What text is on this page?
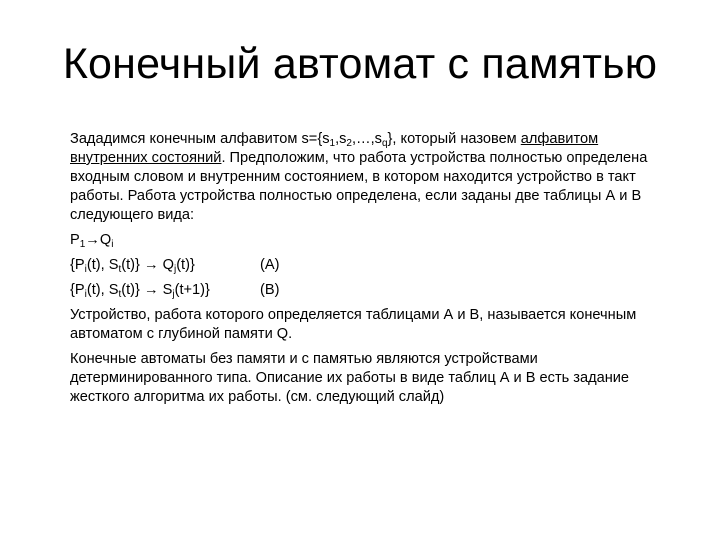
Конечный автомат с памятью

Зададимся конечным алфавитом $s=\{s_1,s_2,\dots,s_q\}$, который назовем алфавитом внутренних состояний. Предположим, что работа устройства полностью определена входным словом и внутренним состоянием, в котором находится устройство в такт работы. Работа устройства полностью определена, если заданы две таблицы А и В следующего вида:

$P_1\to Q_i$

{$P_i(t)$, $S_t(t)\} \to Q_j(t)$}	(А)
{$P_i(t)$, $S_t(t)\} \to S_j(t+1)$}	(В)

Устройство, работа которого определяется таблицами А и В, называется конечным автоматом с глубиной памяти Q.

Конечные автоматы без памяти и с памятью являются устройствами детерминированного типа. Описание их работы в виде таблиц А и В есть задание жесткого алгоритма их работы. (см. следующий слайд)
